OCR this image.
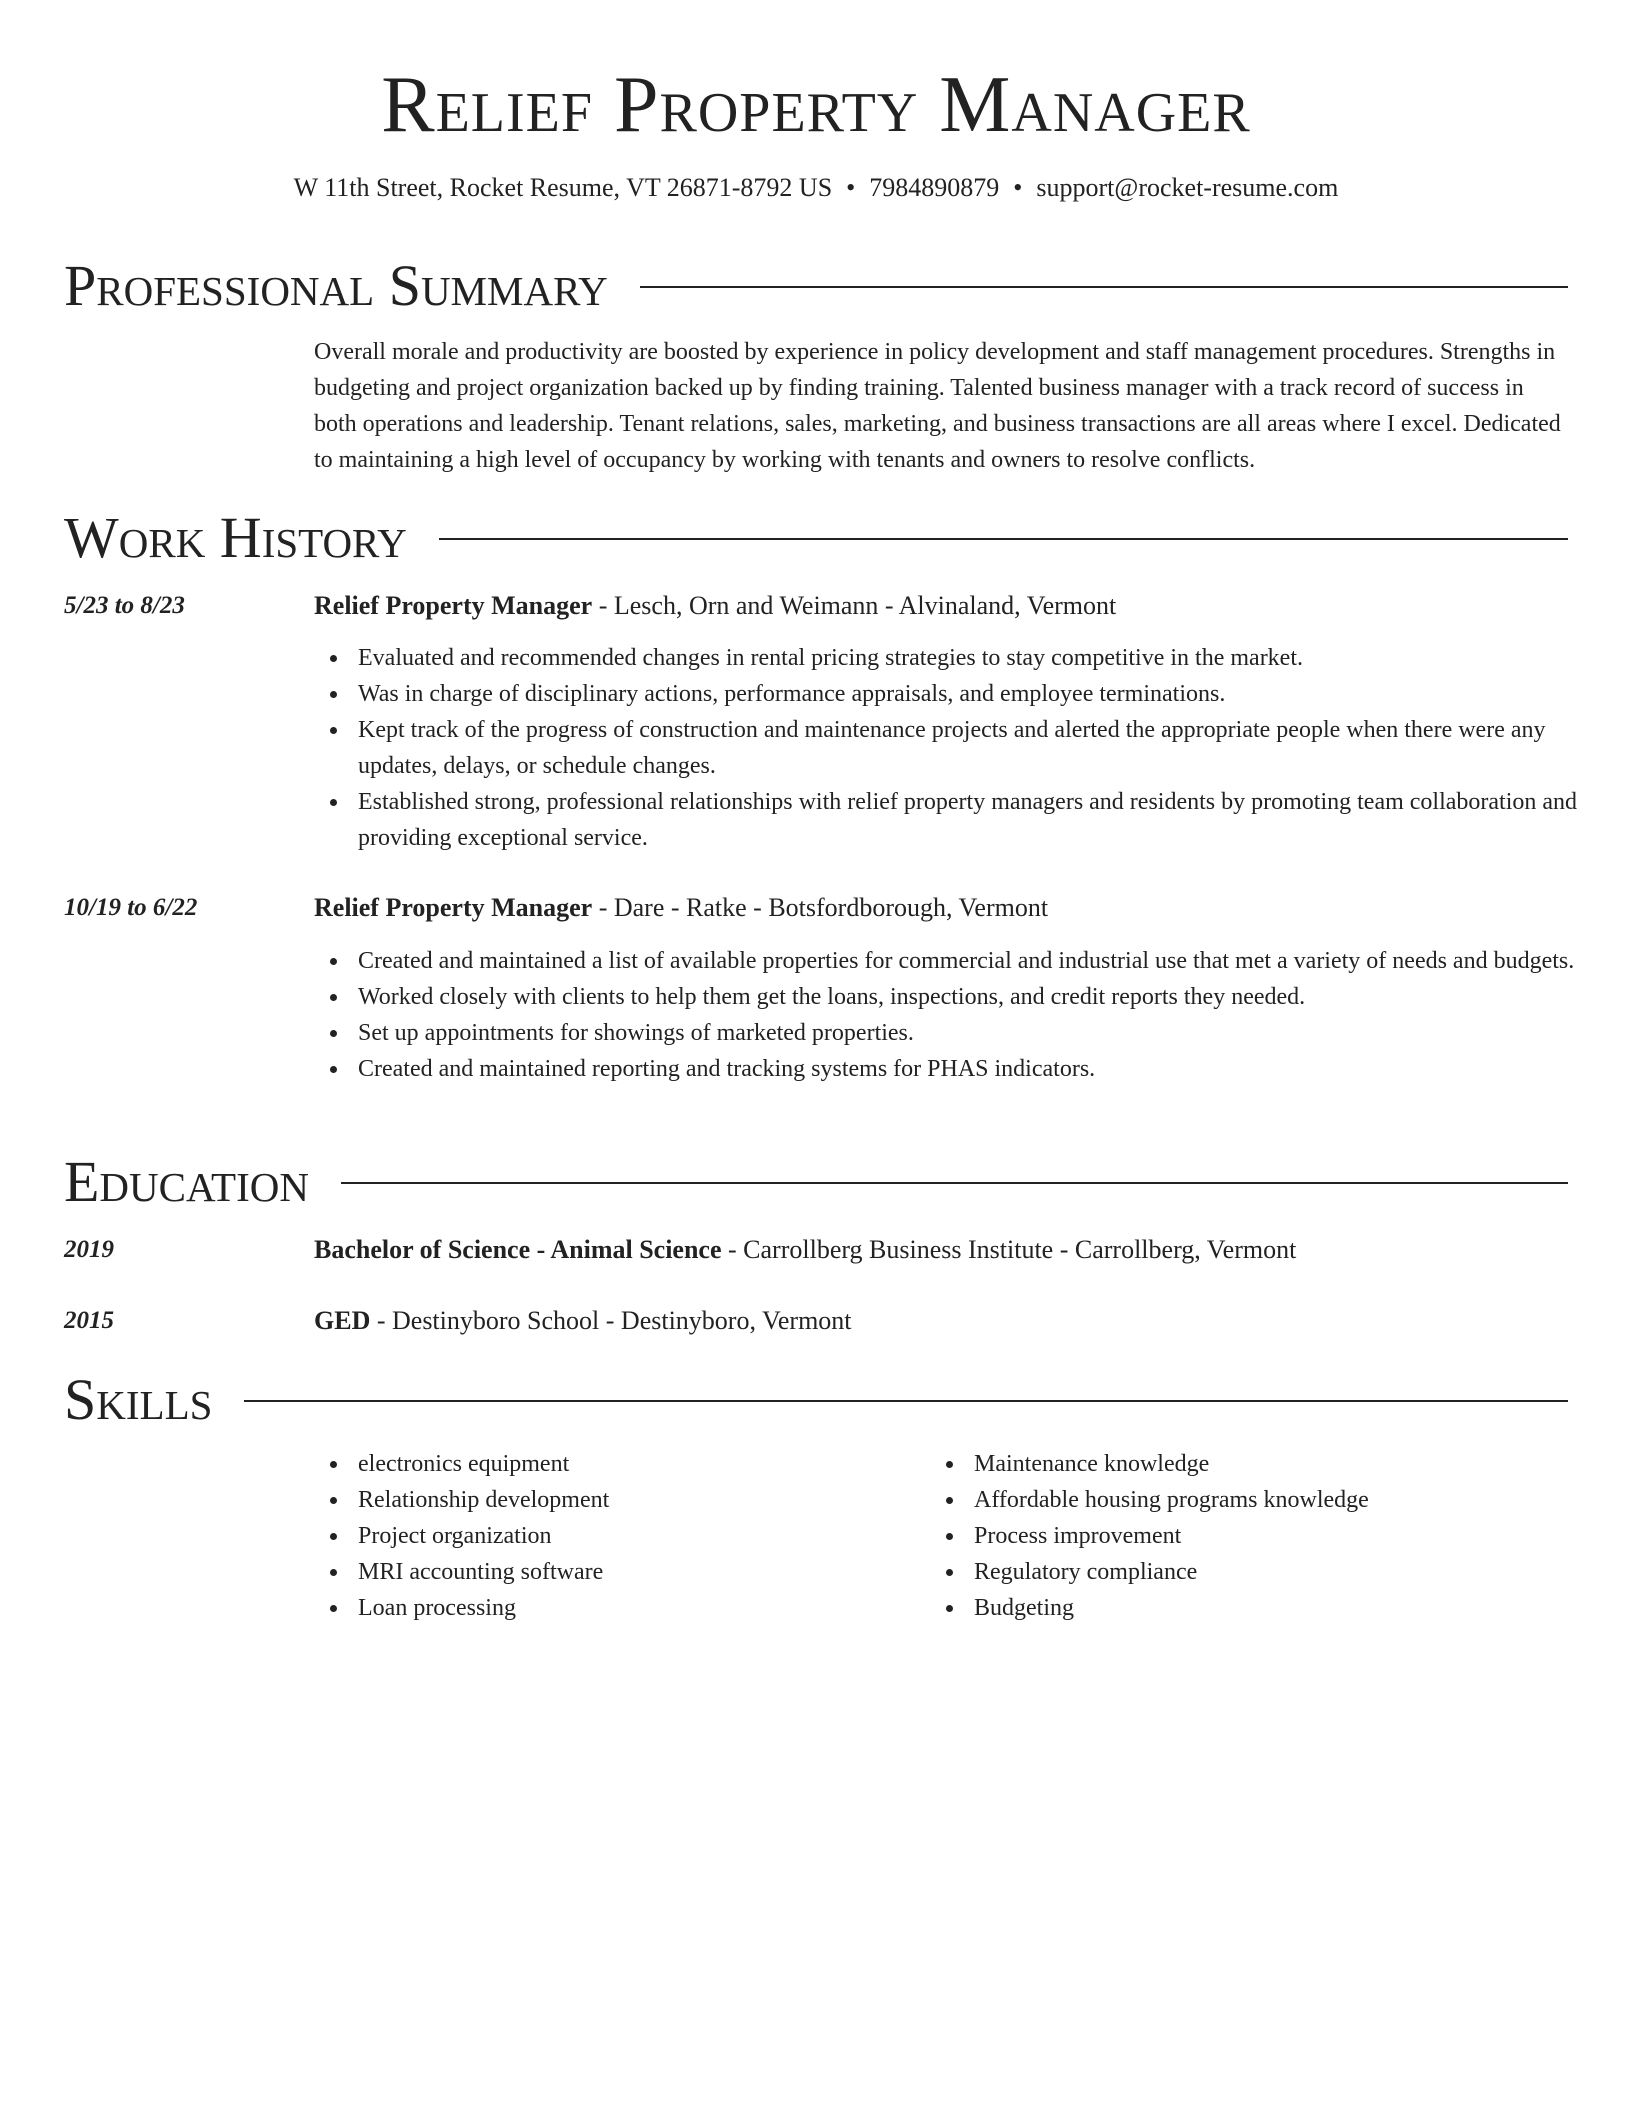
Relief Property Manager
W 11th Street, Rocket Resume, VT 26871-8792 US • 7984890879 • support@rocket-resume.com
Professional Summary
Overall morale and productivity are boosted by experience in policy development and staff management procedures. Strengths in budgeting and project organization backed up by finding training. Talented business manager with a track record of success in both operations and leadership. Tenant relations, sales, marketing, and business transactions are all areas where I excel. Dedicated to maintaining a high level of occupancy by working with tenants and owners to resolve conflicts.
Work History
5/23 to 8/23	Relief Property Manager - Lesch, Orn and Weimann - Alvinaland, Vermont
Evaluated and recommended changes in rental pricing strategies to stay competitive in the market.
Was in charge of disciplinary actions, performance appraisals, and employee terminations.
Kept track of the progress of construction and maintenance projects and alerted the appropriate people when there were any updates, delays, or schedule changes.
Established strong, professional relationships with relief property managers and residents by promoting team collaboration and providing exceptional service.
10/19 to 6/22	Relief Property Manager - Dare - Ratke - Botsfordborough, Vermont
Created and maintained a list of available properties for commercial and industrial use that met a variety of needs and budgets.
Worked closely with clients to help them get the loans, inspections, and credit reports they needed.
Set up appointments for showings of marketed properties.
Created and maintained reporting and tracking systems for PHAS indicators.
Education
2019	Bachelor of Science - Animal Science - Carrollberg Business Institute - Carrollberg, Vermont
2015	GED - Destinyboro School - Destinyboro, Vermont
Skills
electronics equipment
Relationship development
Project organization
MRI accounting software
Loan processing
Maintenance knowledge
Affordable housing programs knowledge
Process improvement
Regulatory compliance
Budgeting
